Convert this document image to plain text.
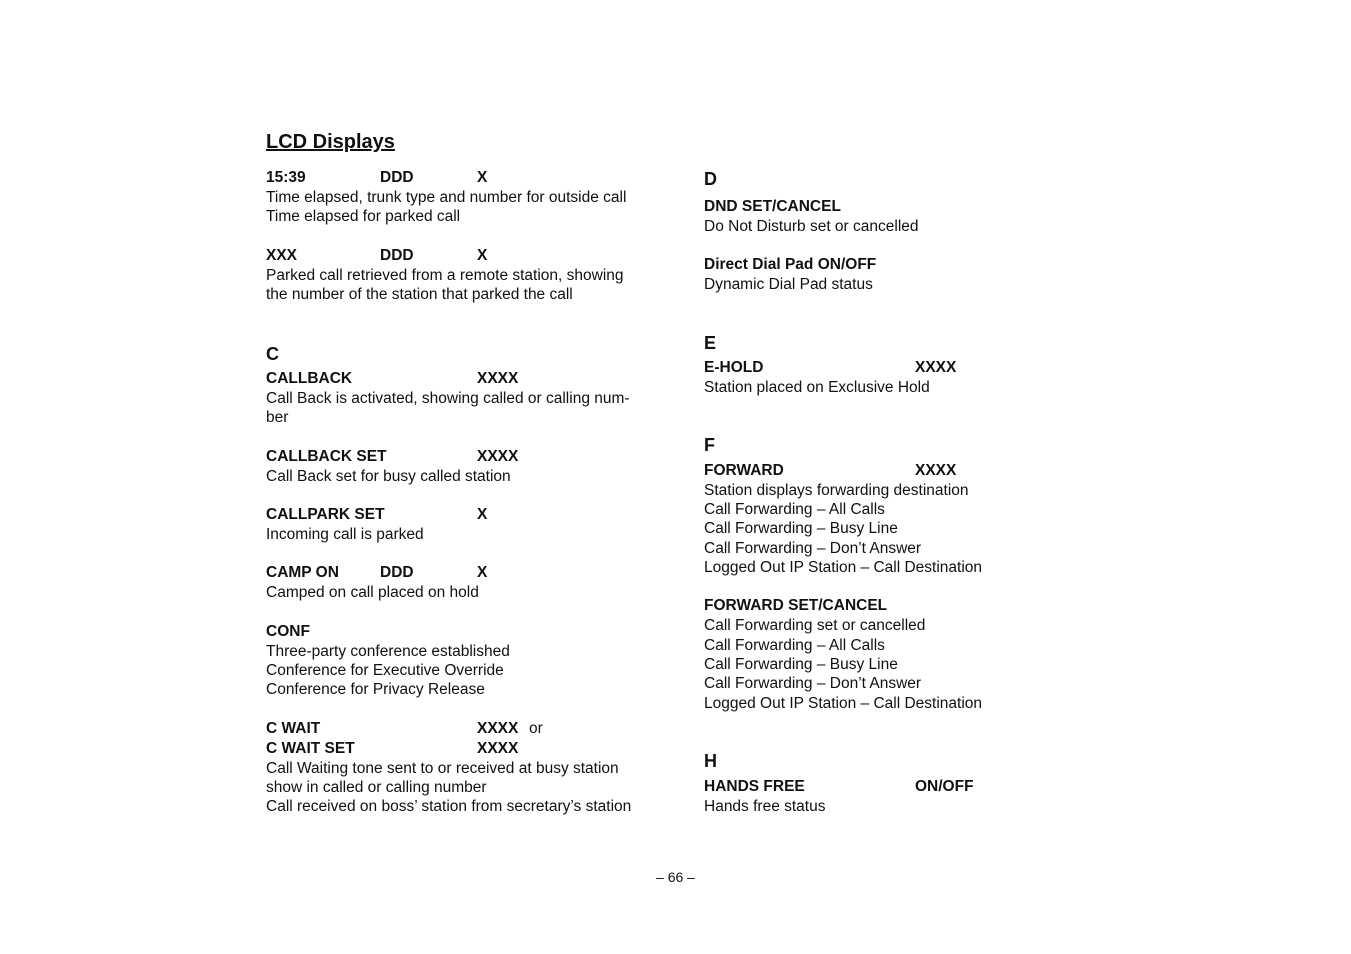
LCD Displays
15:39	DDD	X
Time elapsed, trunk type and number for outside call
Time elapsed for parked call
XXX	DDD	X
Parked call retrieved from a remote station, showing
the number of the station that parked the call
C
CALLBACK	XXXX
Call Back is activated, showing called or calling num-
ber
CALLBACK SET	XXXX
Call Back set for busy called station
CALLPARK SET	X
Incoming call is parked
CAMP ON	DDD	X
Camped on call placed on hold
CONF
Three-party conference established
Conference for Executive Override
Conference for Privacy Release
C WAIT	XXXX or
C WAIT SET	XXXX
Call Waiting tone sent to or received at busy station
show in called or calling number
Call received on boss’ station from secretary’s station
D
DND SET/CANCEL
Do Not Disturb set or cancelled
Direct Dial Pad ON/OFF
Dynamic Dial Pad status
E
E-HOLD	XXXX
Station placed on Exclusive Hold
F
FORWARD	XXXX
Station displays forwarding destination
Call Forwarding – All Calls
Call Forwarding – Busy Line
Call Forwarding – Don’t Answer
Logged Out IP Station – Call Destination
FORWARD SET/CANCEL
Call Forwarding set or cancelled
Call Forwarding – All Calls
Call Forwarding – Busy Line
Call Forwarding – Don’t Answer
Logged Out IP Station – Call Destination
H
HANDS FREE	ON/OFF
Hands free status
– 66 –
